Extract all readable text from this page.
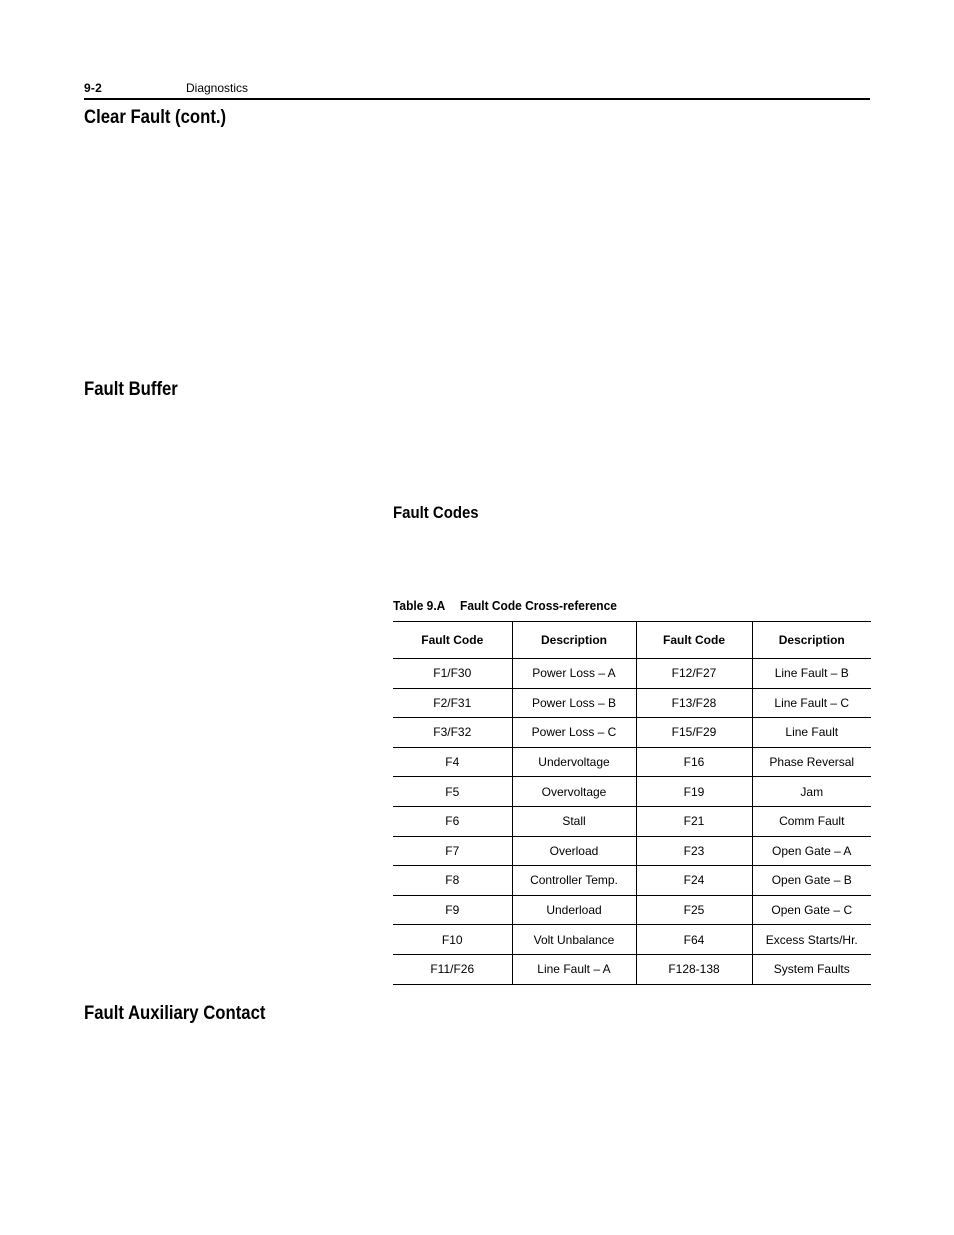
9-2	Diagnostics
Clear Fault (cont.)
Fault Buffer
Fault Codes
Table 9.A Fault Code Cross-reference
Fault Code	Description	Fault Code	Description
F1/F30	Power Loss – A	F12/F27	Line Fault – B
F2/F31	Power Loss – B	F13/F28	Line Fault – C
F3/F32	Power Loss – C	F15/F29	Line Fault
F4	Undervoltage	F16	Phase Reversal
F5	Overvoltage	F19	Jam
F6	Stall	F21	Comm Fault
F7	Overload	F23	Open Gate – A
F8	Controller Temp.	F24	Open Gate – B
F9	Underload	F25	Open Gate – C
F10	Volt Unbalance	F64	Excess Starts/Hr.
F11/F26	Line Fault – A	F128-138	System Faults
Fault Auxiliary Contact
